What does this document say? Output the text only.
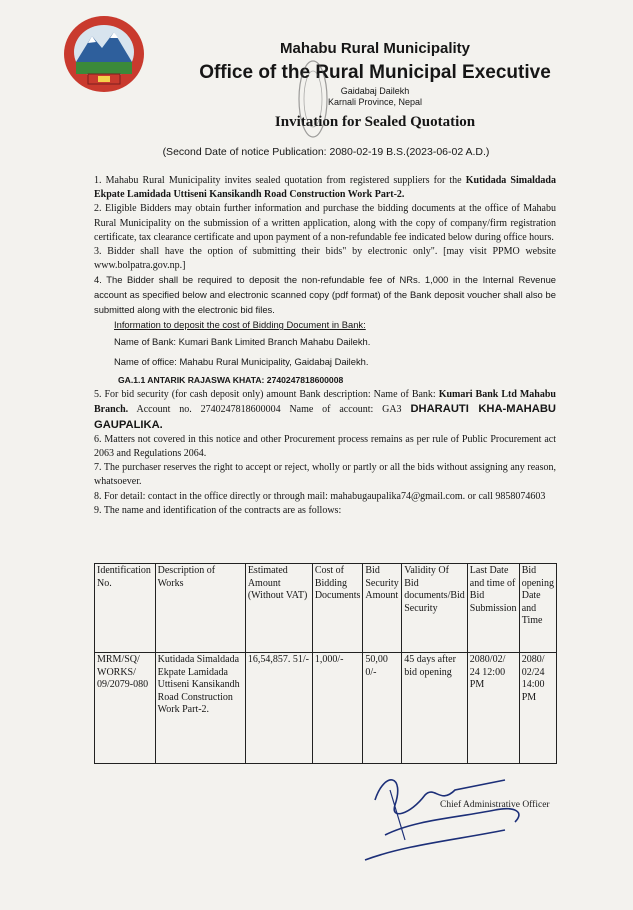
Mahabu Rural Municipality
Office of the Rural Municipal Executive
Gaidabaj Dailekh
Karnali Province, Nepal
Invitation for Sealed Quotation
(Second Date of notice Publication: 2080-02-19 B.S.(2023-06-02 A.D.)

1. Mahabu Rural Municipality invites sealed quotation from registered suppliers for the Kutidada Simaldada Ekpate Lamidada Uttiseni Kansikandh Road Construction Work Part-2.

2. Eligible Bidders may obtain further information and purchase the bidding documents at the office of Mahabu Rural Municipality on the submission of a written application, along with the copy of company/firm registration certificate, tax clearance certificate and upon payment of a non-refundable fee indicated below during office hours.

3. Bidder shall have the option of submitting their bids" by electronic only". [may visit PPMO website www.bolpatra.gov.np.]

4. The Bidder shall be required to deposit the non-refundable fee of NRs. 1,000 in the Internal Revenue account as specified below and electronic scanned copy (pdf format) of the Bank deposit voucher shall also be submitted along with the electronic bid files.

Information to deposit the cost of Bidding Document in Bank:

Name of Bank: Kumari Bank Limited Branch Mahabu Dailekh.

Name of office: Mahabu Rural Municipality, Gaidabaj Dailekh.

GA.1.1 ANTARIK RAJASWA KHATA: 274024781860000​8

5. For bid security (for cash deposit only) amount Bank description: Name of Bank: Kumari Bank Ltd Mahabu Branch. Account no. 2740247818600004 Name of account: GA3 DHARAUTI KHA-MAHABU GAUPALIKA.

6. Matters not covered in this notice and other Procurement process remains as per rule of Public Procurement act 2063 and Regulations 2064.

7. The purchaser reserves the right to accept or reject, wholly or partly or all the bids without assigning any reason, whatsoever.

8. For detail: contact in the office directly or through mail: mahabugaupalika74@gmail.com. or call 9858074603

9. The name and identification of the contracts are as follows:

Identification No.	Description of Works	Estimated Amount (Without VAT)	Cost of Bidding Documents	Bid Security Amount	Validity Of Bid documents/Bid Security	Last Date and time of Bid Submission	Bid opening Date and Time
MRM/SQ/ WORKS/ 09/2079-080	Kutidada Simaldada Ekpate Lamidada Uttiseni Kansikandh Road Construction Work Part-2.	16,54,857. 51/-	1,000/-	50,00 0/-	45 days after bid opening	2080/02/ 24 12:00 PM	2080/ 02/24 14:00 PM
Chief Administrative Officer
